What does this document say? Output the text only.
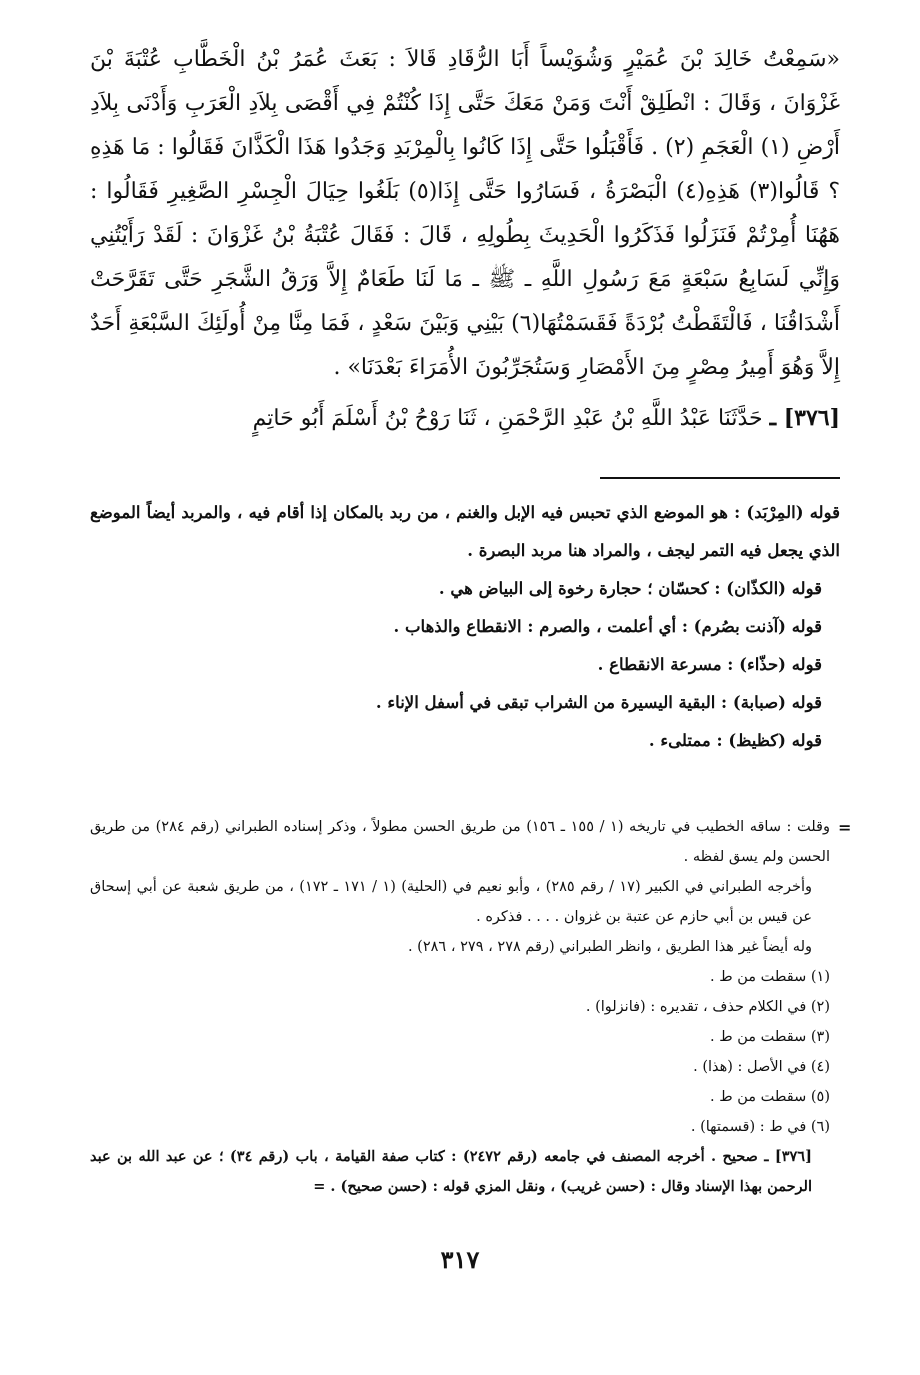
«سَمِعْتُ خَالِدَ بْنَ عُمَيْرٍ وَشُوَيْساً أَبَا الرُّقَادِ قَالاَ : بَعَثَ عُمَرُ بْنُ الْخَطَّابِ عُتْبَةَ بْنَ غَزْوَانَ ، وَقَالَ : انْطَلِقْ أَنْتَ وَمَنْ مَعَكَ حَتَّى إِذَا كُنْتُمْ فِي أَقْصَى بِلاَدِ الْعَرَبِ وَأَدْنَى بِلاَدِ أَرْضِ (١) الْعَجَمِ (٢) . فَأَقْبَلُوا حَتَّى إِذَا كَانُوا بِالْمِرْبَدِ وَجَدُوا هَذَا الْكَذَّانَ فَقَالُوا : مَا هَذِهِ ؟ قَالُوا(٣) هَذِهِ(٤) الْبَصْرَةُ ، فَسَارُوا حَتَّى إِذَا(٥) بَلَغُوا حِيَالَ الْجِسْرِ الصَّغِيرِ فَقَالُوا : هَهُنَا أُمِرْتُمْ فَنَزَلُوا فَذَكَرُوا الْحَدِيثَ بِطُولِهِ ، قَالَ : فَقَالَ عُتْبَةُ بْنُ غَزْوَانَ : لَقَدْ رَأَيْتُنِي وَإِنِّي لَسَابِعُ سَبْعَةٍ مَعَ رَسُولِ اللَّهِ ـ ﷺ ـ مَا لَنَا طَعَامٌ إِلاَّ وَرَقُ الشَّجَرِ حَتَّى تَقَرَّحَتْ أَشْدَاقُنَا ، فَالْتَقَطْتُ بُرْدَةً فَقَسَمْتُهَا(٦) بَيْنِي وَبَيْنَ سَعْدٍ ، فَمَا مِنَّا مِنْ أُولَئِكَ السَّبْعَةِ أَحَدٌ إِلاَّ وَهُوَ أَمِيرُ مِصْرٍ مِنَ الأَمْصَارِ وَسَتُجَرِّبُونَ الأُمَرَاءَ بَعْدَنَا» .

[٣٧٦] ـ حَدَّثَنَا عَبْدُ اللَّهِ بْنُ عَبْدِ الرَّحْمَنِ ، ثَنَا رَوْحُ بْنُ أَسْلَمَ أَبُو حَاتِمٍ

قوله (المِرْبَد) : هو الموضع الذي تحبس فيه الإبل والغنم ، من ربد بالمكان إذا أقام فيه ، والمربد أيضاً الموضع الذي يجعل فيه التمر ليجف ، والمراد هنا مربد البصرة .

قوله (الكذّان) : كحسّان ؛ حجارة رخوة إلى البياض هي .

قوله (آذنت بصُرم) : أي أعلمت ، والصرم : الانقطاع والذهاب .

قوله (حذّاء) : مسرعة الانقطاع .

قوله (صبابة) : البقية اليسيرة من الشراب تبقى في أسفل الإناء .

قوله (كظيظ) : ممتلىء .

=

وقلت : ساقه الخطيب في تاريخه (١ / ١٥٥ ـ ١٥٦) من طريق الحسن مطولاً ، وذكر إسناده الطبراني (رقم ٢٨٤) من طريق الحسن ولم يسق لفظه .

وأخرجه الطبراني في الكبير (١٧ / رقم ٢٨٥) ، وأبو نعيم في (الحلية) (١ / ١٧١ ـ ١٧٢) ، من طريق شعبة عن أبي إسحاق عن قيس بن أبي حازم عن عتبة بن غزوان . . . . فذكره .

وله أيضاً غير هذا الطريق ، وانظر الطبراني (رقم ٢٧٨ ، ٢٧٩ ، ٢٨٦) .

(١) سقطت من ط .

(٢) في الكلام حذف ، تقديره : (فانزلوا) .

(٣) سقطت من ط .

(٤) في الأصل : (هذا) .

(٥) سقطت من ط .

(٦) في ط : (قسمتها) .

[٣٧٦] ـ صحيح . أخرجه المصنف في جامعه (رقم ٢٤٧٢) : كتاب صفة القيامة ، باب (رقم ٣٤) ؛ عن عبد الله بن عبد الرحمن بهذا الإسناد وقال : (حسن غريب) ، ونقل المزي قوله : (حسن صحيح) . =

٣١٧
